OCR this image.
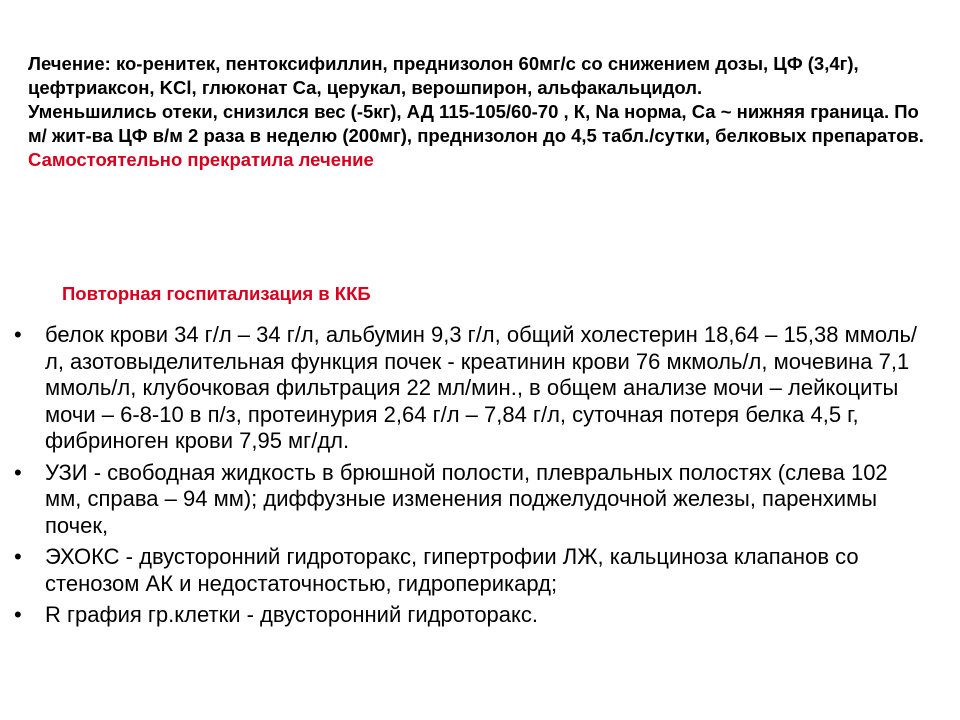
Лечение: ко-ренитек, пентоксифиллин, преднизолон 60мг/с со снижением дозы, ЦФ (3,4г), цефтриаксон, KCl, глюконат Са, церукал, верошпирон, альфакальцидол.

Уменьшились отеки, снизился вес (-5кг), АД 115-105/60-70 , К, Na норма, Са ~ нижняя граница. По м/ жит-ва ЦФ в/м 2 раза в неделю (200мг), преднизолон до 4,5 табл./сутки, белковых препаратов.

Самостоятельно прекратила лечение

Повторная госпитализация в ККБ
• белок крови 34 г/л – 34 г/л, альбумин 9,3 г/л, общий холестерин 18,64 – 15,38 ммоль/л, азотовыделительная функция почек - креатинин крови 76 мкмоль/л, мочевина 7,1 ммоль/л, клубочковая фильтрация 22 мл/мин., в общем анализе мочи – лейкоциты мочи – 6-8-10 в п/з, протеинурия 2,64 г/л – 7,84 г/л, суточная потеря белка 4,5 г, фибриноген крови 7,95 мг/дл.
• УЗИ - свободная жидкость в брюшной полости, плевральных полостях (слева 102 мм, справа – 94 мм); диффузные изменения поджелудочной железы, паренхимы почек,
• ЭХОКС - двусторонний гидроторакс, гипертрофии ЛЖ, кальциноза клапанов со стенозом АК и недостаточностью, гидроперикард;
• R графия гр.клетки - двусторонний гидроторакс.
